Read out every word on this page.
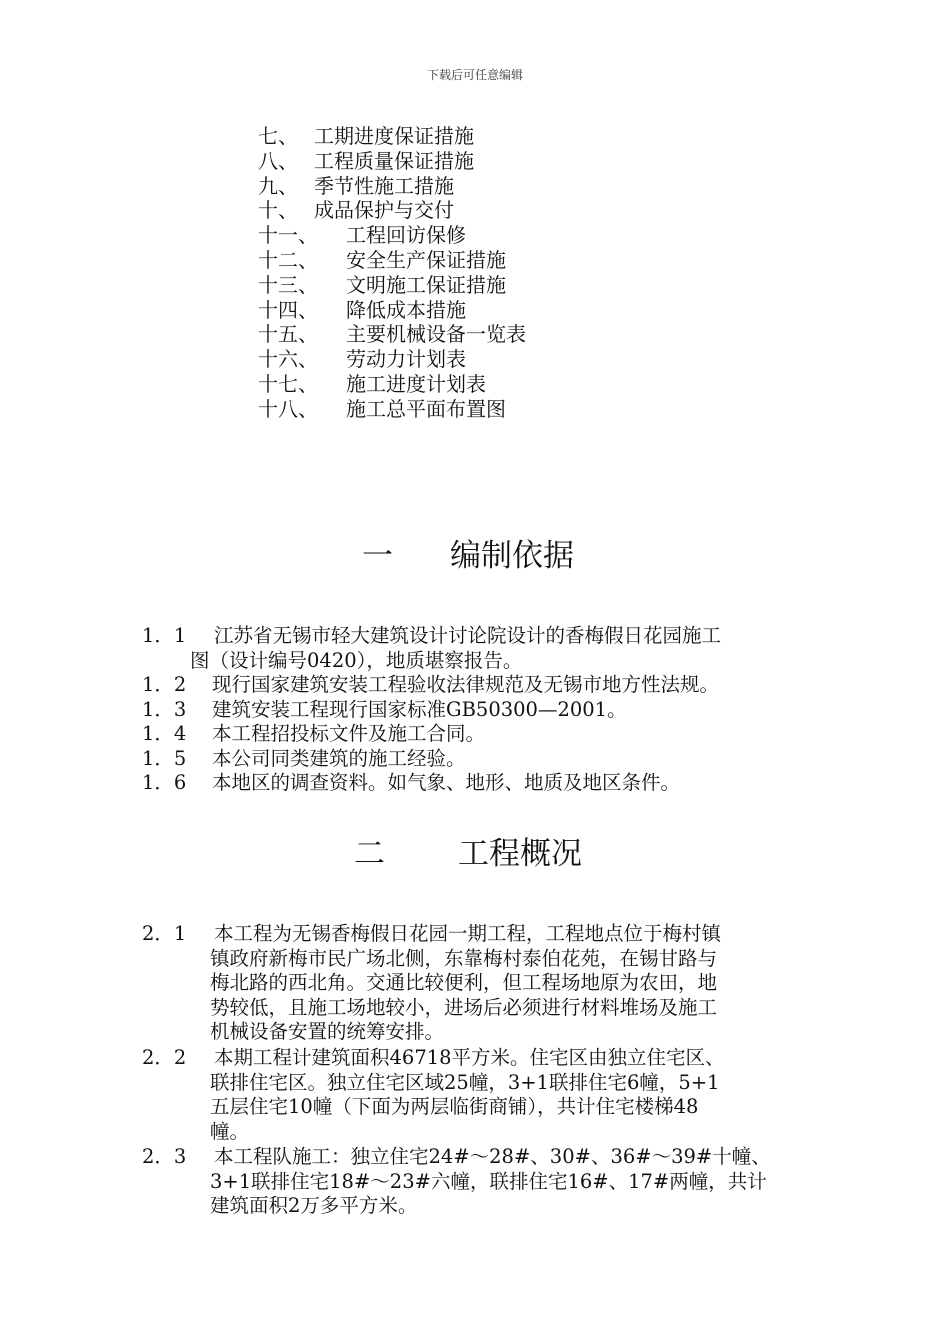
下载后可任意编辑
七、 工期进度保证措施
八、 工程质量保证措施
九、 季节性施工措施
十、 成品保护与交付
十一、 工程回访保修
十二、 安全生产保证措施
十三、 文明施工保证措施
十四、 降低成本措施
十五、 主要机械设备一览表
十六、 劳动力计划表
十七、 施工进度计划表
十八、 施工总平面布置图
一 编制依据
1．1 江苏省无锡市轻大建筑设计讨论院设计的香梅假日花园施工
图（设计编号0420），地质堪察报告。
1．2 现行国家建筑安装工程验收法律规范及无锡市地方性法规。
1．3 建筑安装工程现行国家标准GB50300—2001。
1．4 本工程招投标文件及施工合同。
1．5 本公司同类建筑的施工经验。
1．6 本地区的调查资料。如气象、地形、地质及地区条件。
二 工程概况
2．1 本工程为无锡香梅假日花园一期工程，工程地点位于梅村镇
镇政府新梅市民广场北侧，东靠梅村泰伯花苑，在锡甘路与
梅北路的西北角。交通比较便利，但工程场地原为农田，地
势较低，且施工场地较小，进场后必须进行材料堆场及施工
机械设备安置的统筹安排。
2．2 本期工程计建筑面积46718平方米。住宅区由独立住宅区、
联排住宅区。独立住宅区域25幢，3+1联排住宅6幢，5+1
五层住宅10幢（下面为两层临街商铺），共计住宅楼梯48
幢。
2．3 本工程队施工：独立住宅24#～28#、30#、36#～39#十幢、
3+1联排住宅18#～23#六幢，联排住宅16#、17#两幢，共计
建筑面积2万多平方米。
